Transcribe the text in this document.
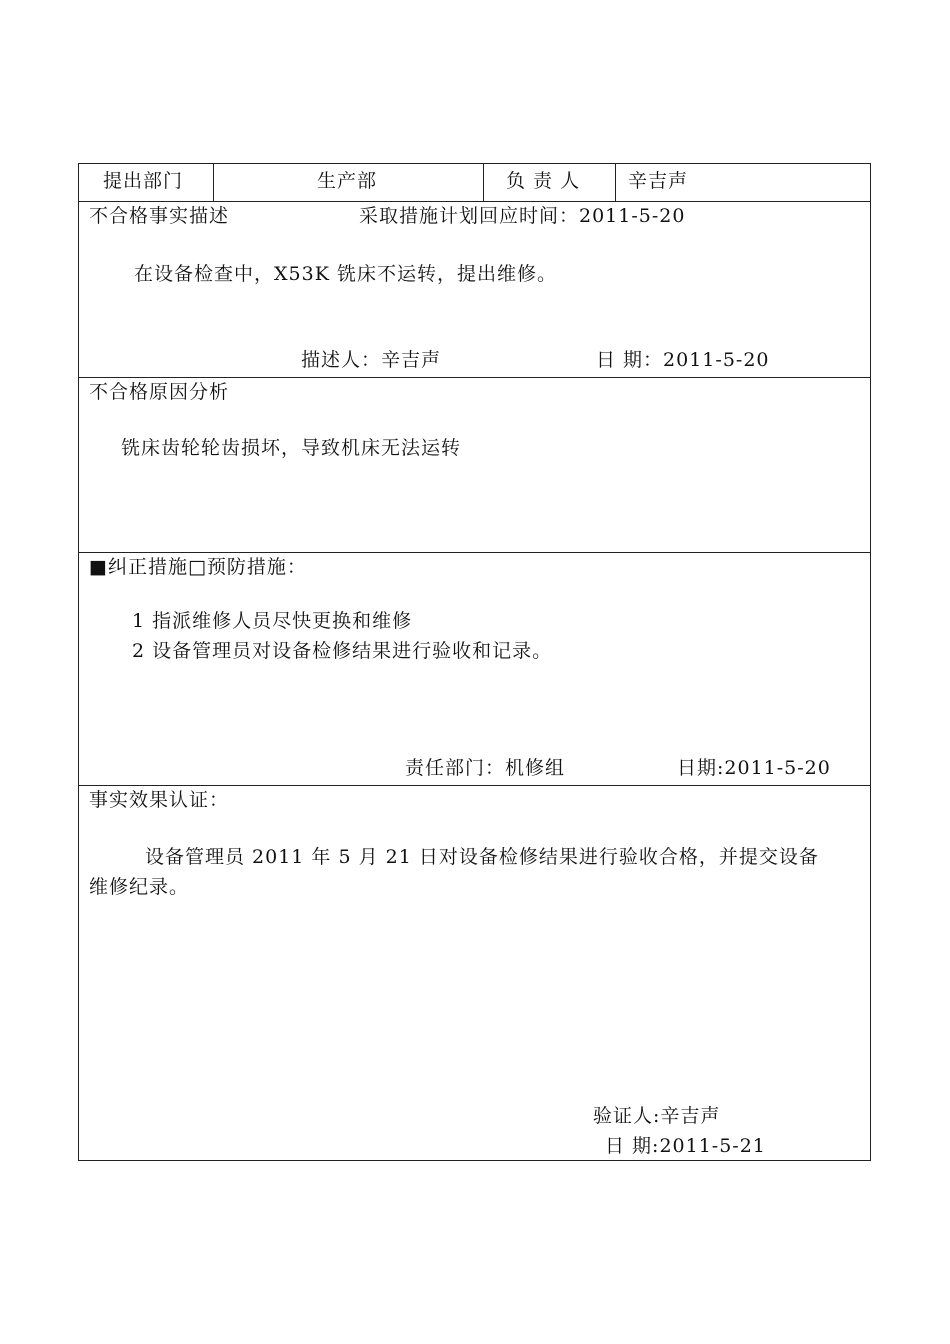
提出部门	生产部	负 责 人	辛吉声
不合格事实描述	采取措施计划回应时间：2011-5-20
在设备检查中，X53K 铣床不运转，提出维修。
描述人：辛吉声	日 期：2011-5-20
不合格原因分析
铣床齿轮轮齿损坏，导致机床无法运转
■纠正措施□预防措施：
1 指派维修人员尽快更换和维修
2 设备管理员对设备检修结果进行验收和记录。
责任部门：机修组	日期:2011-5-20
事实效果认证：
设备管理员 2011 年 5 月 21 日对设备检修结果进行验收合格，并提交设备
维修纪录。
验证人:辛吉声
日 期:2011-5-21
